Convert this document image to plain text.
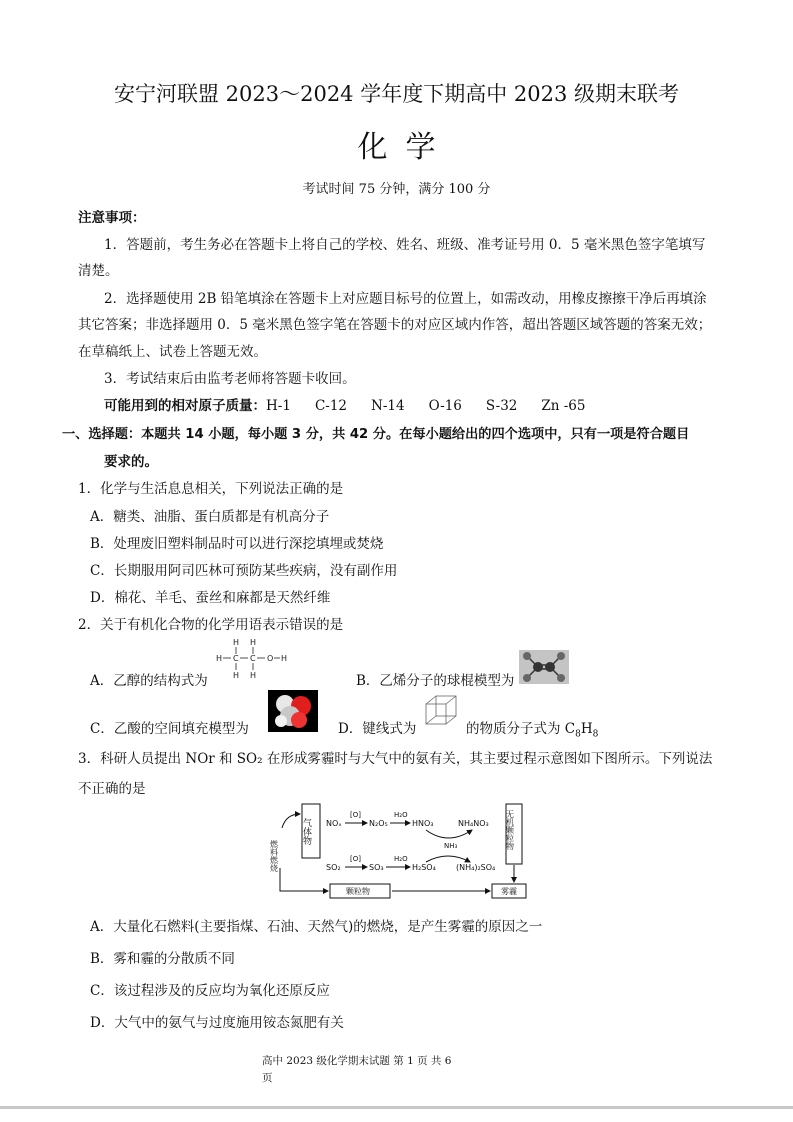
安宁河联盟 2023～2024 学年度下期高中 2023 级期末联考
化学
考试时间 75 分钟，满分 100 分
注意事项：
1．答题前，考生务必在答题卡上将自己的学校、姓名、班级、准考证号用 0．5 毫米黑色签字笔填写
清楚。
2．选择题使用 2B 铅笔填涂在答题卡上对应题目标号的位置上，如需改动，用橡皮擦擦干净后再填涂
其它答案；非选择题用 0．5 毫米黑色签字笔在答题卡的对应区域内作答，超出答题区域答题的答案无效；
在草稿纸上、试卷上答题无效。
3．考试结束后由监考老师将答题卡收回。
可能用到的相对原子质量：H-1 C-12 N-14 O-16 S-32 Zn -65
一、选择题：本题共 14 小题，每小题 3 分，共 42 分。在每小题给出的四个选项中，只有一项是符合题目
要求的。
1．化学与生活息息相关，下列说法正确的是
A．糖类、油脂、蛋白质都是有机高分子
B．处理废旧塑料制品时可以进行深挖填埋或焚烧
C．长期服用阿司匹林可预防某些疾病，没有副作用
D．棉花、羊毛、蚕丝和麻都是天然纤维
2．关于有机化合物的化学用语表示错误的是
A．乙醇的结构式为
H H
H C C O H
H H	B．乙烯分子的球棍模型为
C．乙酸的空间填充模型为	D．键线式为	的物质分子式为 $C_8H_8$
3．科研人员提出 NOr 和 SO₂ 在形成雾霾时与大气中的氨有关，其主要过程示意图如下图所示。下列说法
不正确的是
气体物	无机颗粒物
燃料燃烧
颗粒物	雾霾
NOₓ
[O]
N₂O₅
H₂O
HNO₃	NH₄NO₃
NH₃
SO₂
[O]
SO₃
H₂O
H₂SO₄	(NH₄)₂SO₄
A．大量化石燃料(主要指煤、石油、天然气)的燃烧，是产生雾霾的原因之一
B．雾和霾的分散质不同
C．该过程涉及的反应均为氧化还原反应
D．大气中的氨气与过度施用铵态氮肥有关
高中 2023 级化学期末试题 第 1 页 共 6
页
